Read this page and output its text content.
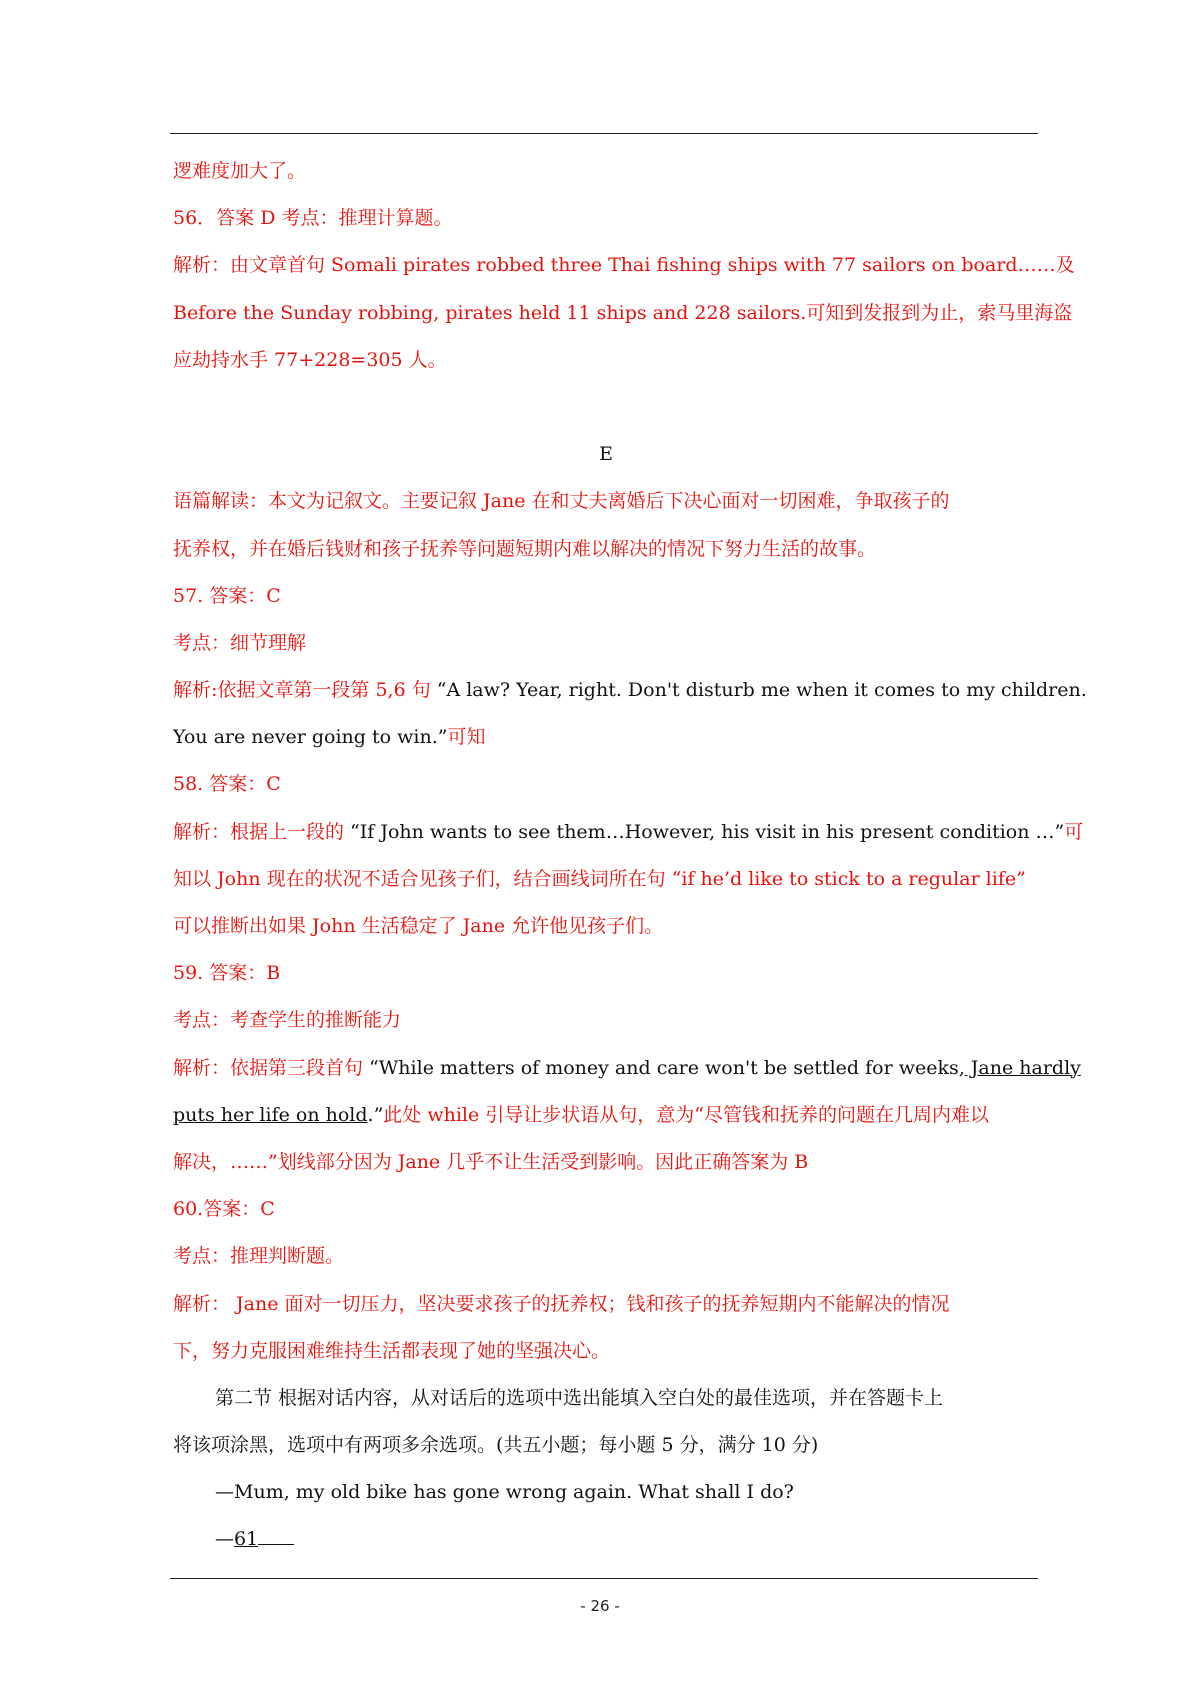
逻难度加大了。
56．答案 D 考点：推理计算题。
解析：由文章首句 Somali pirates robbed three Thai fishing ships with 77 sailors on board……及
Before the Sunday robbing, pirates held 11 ships and 228 sailors.可知到发报到为止，索马里海盗
应劫持水手 77+228=305 人。
E
语篇解读：本文为记叙文。主要记叙 Jane 在和丈夫离婚后下决心面对一切困难，争取孩子的
抚养权，并在婚后钱财和孩子抚养等问题短期内难以解决的情况下努力生活的故事。
57. 答案：C
考点：细节理解
解析:依据文章第一段第 5,6 句 “A law? Year, right. Don't disturb me when it comes to my children.
You are never going to win.”可知
58. 答案：C
解析：根据上一段的 “If John wants to see them…However, his visit in his present condition …”可
知以 John 现在的状况不适合见孩子们，结合画线词所在句 “if he’d like to stick to a regular life”
可以推断出如果 John 生活稳定了 Jane 允许他见孩子们。
59. 答案：B
考点：考查学生的推断能力
解析：依据第三段首句 “While matters of money and care won't be settled for weeks, Jane hardly
puts her life on hold.”此处 while 引导让步状语从句，意为“尽管钱和抚养的问题在几周内难以
解决，……”划线部分因为 Jane 几乎不让生活受到影响。因此正确答案为 B
60.答案：C
考点：推理判断题。
解析： Jane 面对一切压力，坚决要求孩子的抚养权；钱和孩子的抚养短期内不能解决的情况
下，努力克服困难维持生活都表现了她的坚强决心。
第二节 根据对话内容，从对话后的选项中选出能填入空白处的最佳选项，并在答题卡上
将该项涂黑，选项中有两项多余选项。(共五小题；每小题 5 分，满分 10 分)
—Mum, my old bike has gone wrong again. What shall I do?
—61
- 26 -
